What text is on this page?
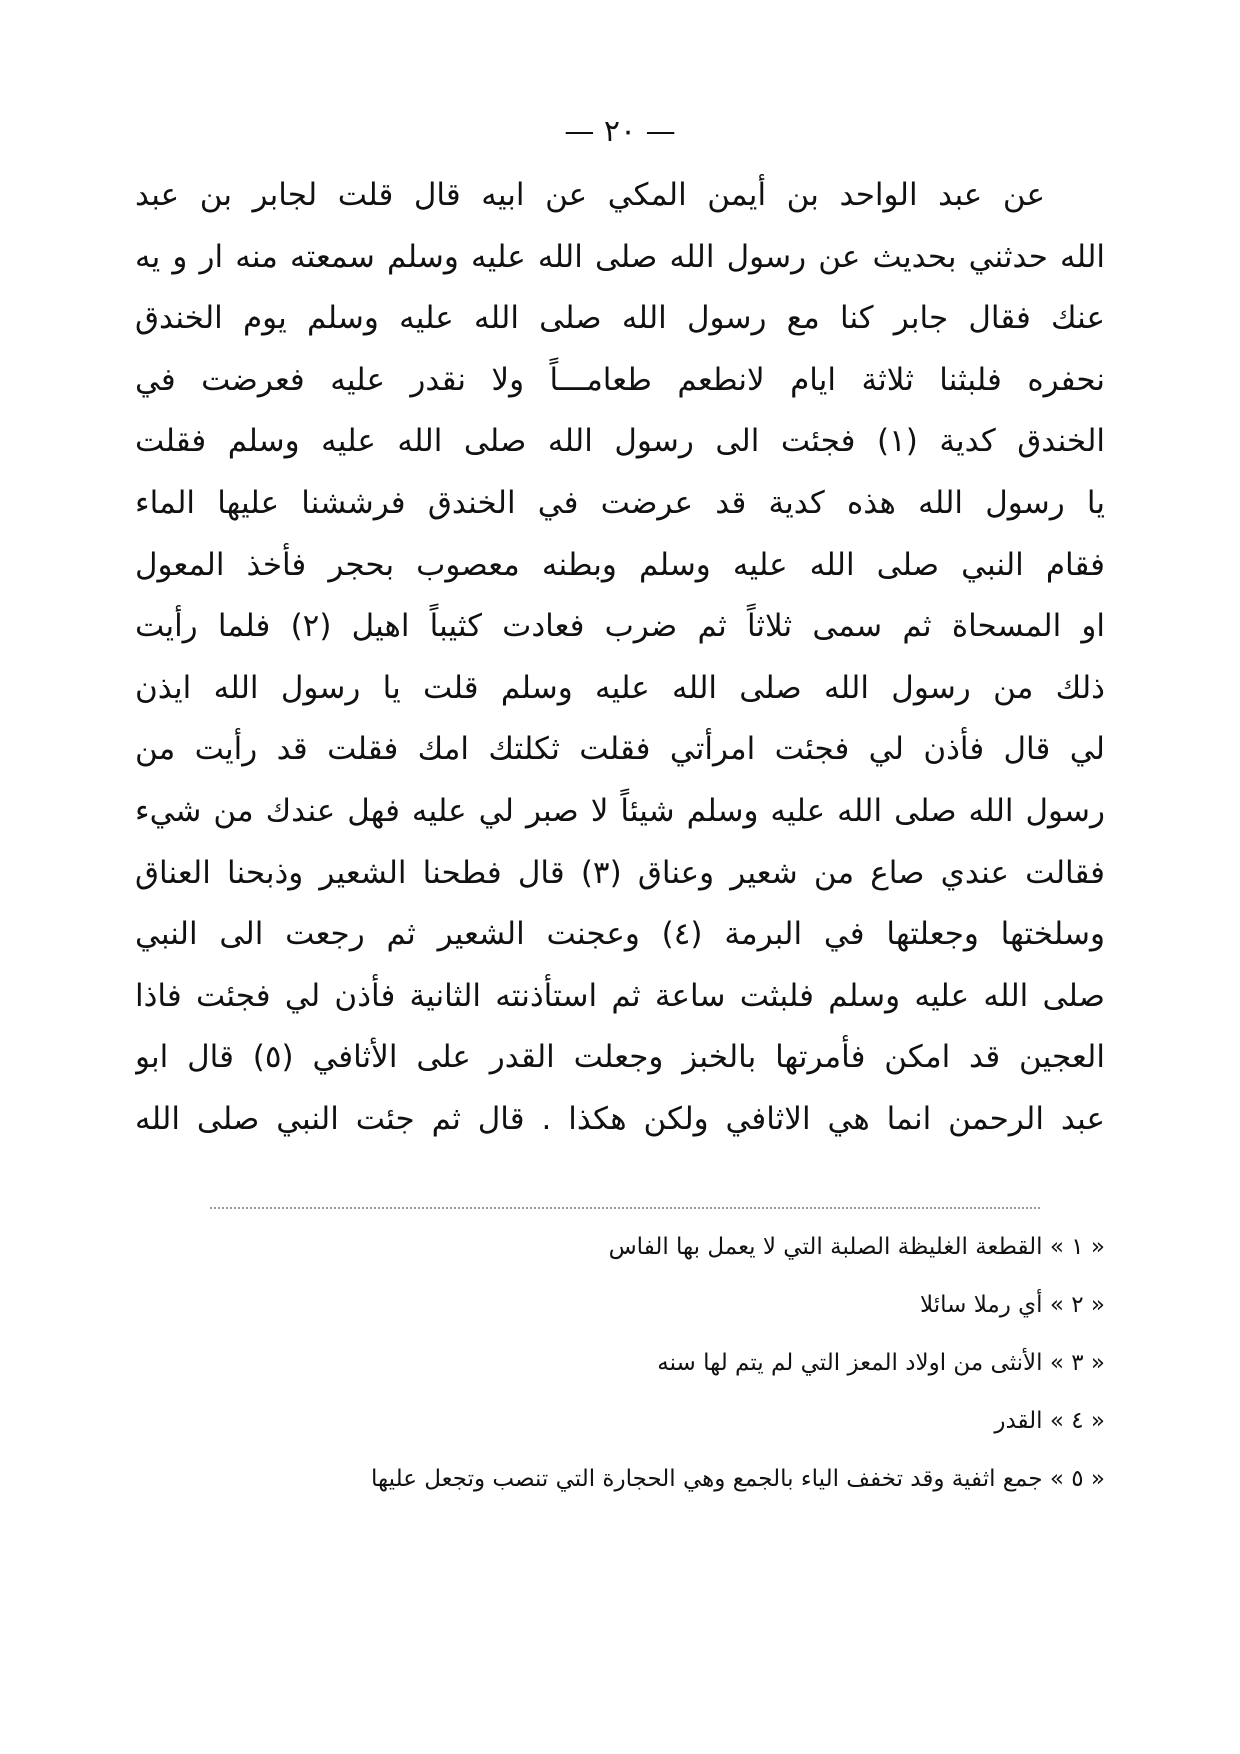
— ٢٠ —
عن عبد الواحد بن أيمن المكي عن ابيه قال قلت لجابر بن عبد
الله حدثني بحديث عن رسول الله صلى الله عليه وسلم سمعته منه ار و يه
عنك فقال جابر كنا مع رسول الله صلى الله عليه وسلم يوم الخندق
نحفره فلبثنا ثلاثة ايام لانطعم طعامـــاً ولا نقدر عليه فعرضت في
الخندق كدية (١) فجئت الى رسول الله صلى الله عليه وسلم فقلت
يا رسول الله هذه كدية قد عرضت في الخندق فرششنا عليها الماء
فقام النبي صلى الله عليه وسلم وبطنه معصوب بحجر فأخذ المعول
او المسحاة ثم سمى ثلاثاً ثم ضرب فعادت كثيباً اهيل (٢) فلما رأيت
ذلك من رسول الله صلى الله عليه وسلم قلت يا رسول الله ايذن
لي قال فأذن لي فجئت امرأتي فقلت ثكلتك امك فقلت قد رأيت من
رسول الله صلى الله عليه وسلم شيئاً لا صبر لي عليه فهل عندك من شيء
فقالت عندي صاع من شعير وعناق (٣) قال فطحنا الشعير وذبحنا العناق
وسلختها وجعلتها في البرمة (٤) وعجنت الشعير ثم رجعت الى النبي
صلى الله عليه وسلم فلبثت ساعة ثم استأذنته الثانية فأذن لي فجئت فاذا
العجين قد امكن فأمرتها بالخبز وجعلت القدر على الأثافي (٥) قال ابو
عبد الرحمن انما هي الاثافي ولكن هكذا . قال ثم جئت النبي صلى الله
« ١ » القطعة الغليظة الصلبة التي لا يعمل بها الفاس
« ٢ » أي رملا سائلا
« ٣ » الأنثى من اولاد المعز التي لم يتم لها سنه
« ٤ » القدر
« ٥ » جمع اثفية وقد تخفف الياء بالجمع وهي الحجارة التي تنصب وتجعل عليها
